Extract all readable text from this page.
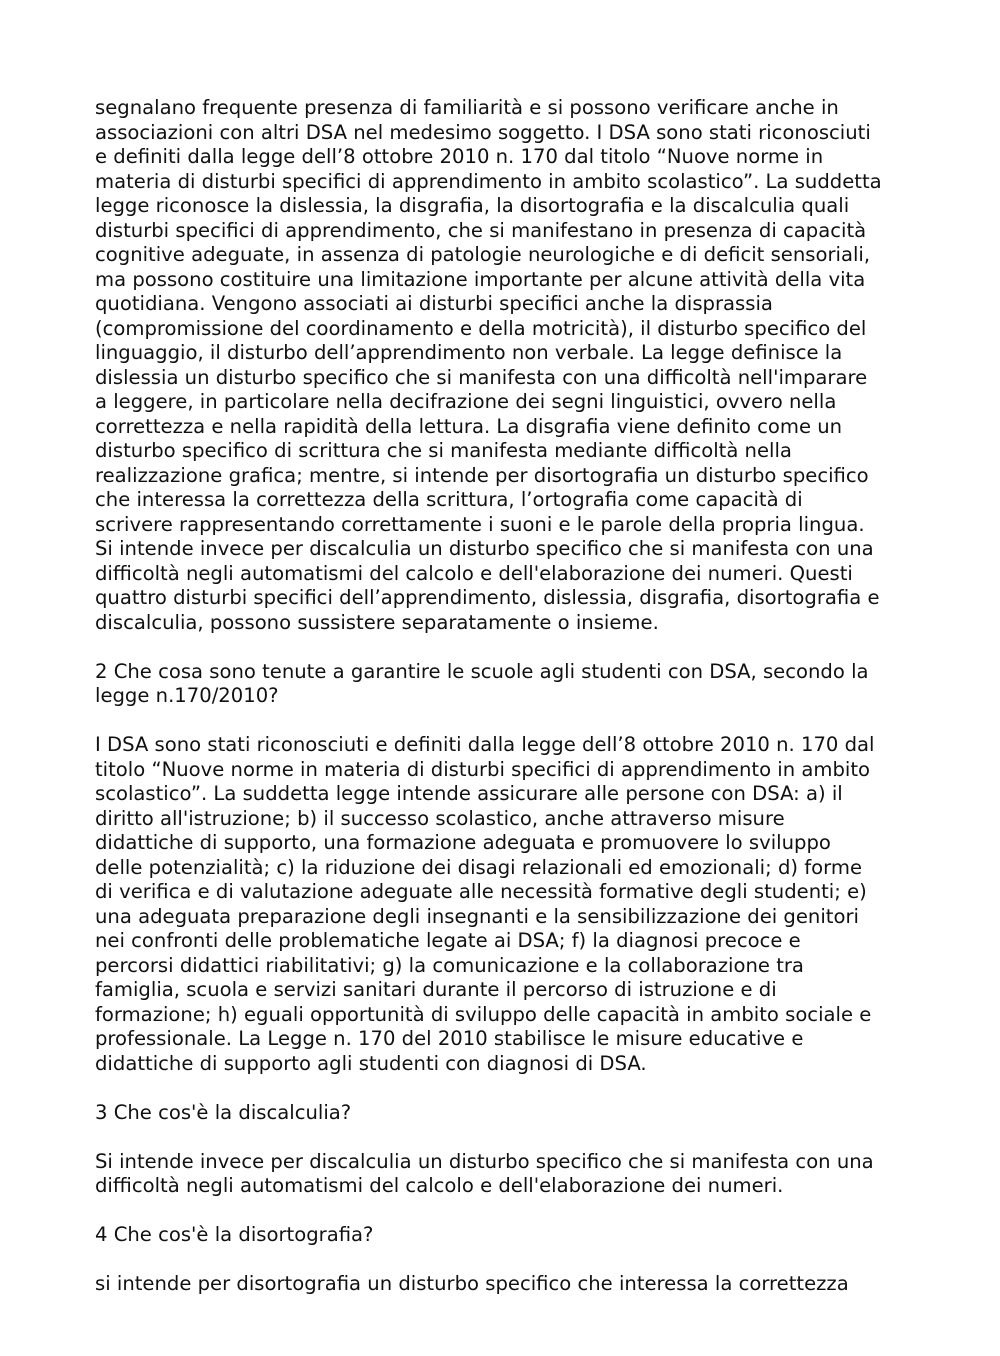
segnalano frequente presenza di familiarità e si possono verificare anche in
associazioni con altri DSA nel medesimo soggetto. I DSA sono stati riconosciuti
e definiti dalla legge dell’8 ottobre 2010 n. 170 dal titolo “Nuove norme in
materia di disturbi specifici di apprendimento in ambito scolastico”. La suddetta
legge riconosce la dislessia, la disgrafia, la disortografia e la discalculia quali
disturbi specifici di apprendimento, che si manifestano in presenza di capacità
cognitive adeguate, in assenza di patologie neurologiche e di deficit sensoriali,
ma possono costituire una limitazione importante per alcune attività della vita
quotidiana. Vengono associati ai disturbi specifici anche la disprassia
(compromissione del coordinamento e della motricità), il disturbo specifico del
linguaggio, il disturbo dell’apprendimento non verbale. La legge definisce la
dislessia un disturbo specifico che si manifesta con una difficoltà nell'imparare
a leggere, in particolare nella decifrazione dei segni linguistici, ovvero nella
correttezza e nella rapidità della lettura. La disgrafia viene definito come un
disturbo specifico di scrittura che si manifesta mediante difficoltà nella
realizzazione grafica; mentre, si intende per disortografia un disturbo specifico
che interessa la correttezza della scrittura, l’ortografia come capacità di
scrivere rappresentando correttamente i suoni e le parole della propria lingua.
Si intende invece per discalculia un disturbo specifico che si manifesta con una
difficoltà negli automatismi del calcolo e dell'elaborazione dei numeri. Questi
quattro disturbi specifici dell’apprendimento, dislessia, disgrafia, disortografia e
discalculia, possono sussistere separatamente o insieme.
2 Che cosa sono tenute a garantire le scuole agli studenti con DSA, secondo la
legge n.170/2010?
I DSA sono stati riconosciuti e definiti dalla legge dell’8 ottobre 2010 n. 170 dal
titolo “Nuove norme in materia di disturbi specifici di apprendimento in ambito
scolastico”. La suddetta legge intende assicurare alle persone con DSA: a) il
diritto all'istruzione; b) il successo scolastico, anche attraverso misure
didattiche di supporto, una formazione adeguata e promuovere lo sviluppo
delle potenzialità; c) la riduzione dei disagi relazionali ed emozionali; d) forme
di verifica e di valutazione adeguate alle necessità formative degli studenti; e)
una adeguata preparazione degli insegnanti e la sensibilizzazione dei genitori
nei confronti delle problematiche legate ai DSA; f) la diagnosi precoce e
percorsi didattici riabilitativi; g) la comunicazione e la collaborazione tra
famiglia, scuola e servizi sanitari durante il percorso di istruzione e di
formazione; h) eguali opportunità di sviluppo delle capacità in ambito sociale e
professionale. La Legge n. 170 del 2010 stabilisce le misure educative e
didattiche di supporto agli studenti con diagnosi di DSA.
3 Che cos'è la discalculia?
Si intende invece per discalculia un disturbo specifico che si manifesta con una
difficoltà negli automatismi del calcolo e dell'elaborazione dei numeri.
4 Che cos'è la disortografia?
si intende per disortografia un disturbo specifico che interessa la correttezza
